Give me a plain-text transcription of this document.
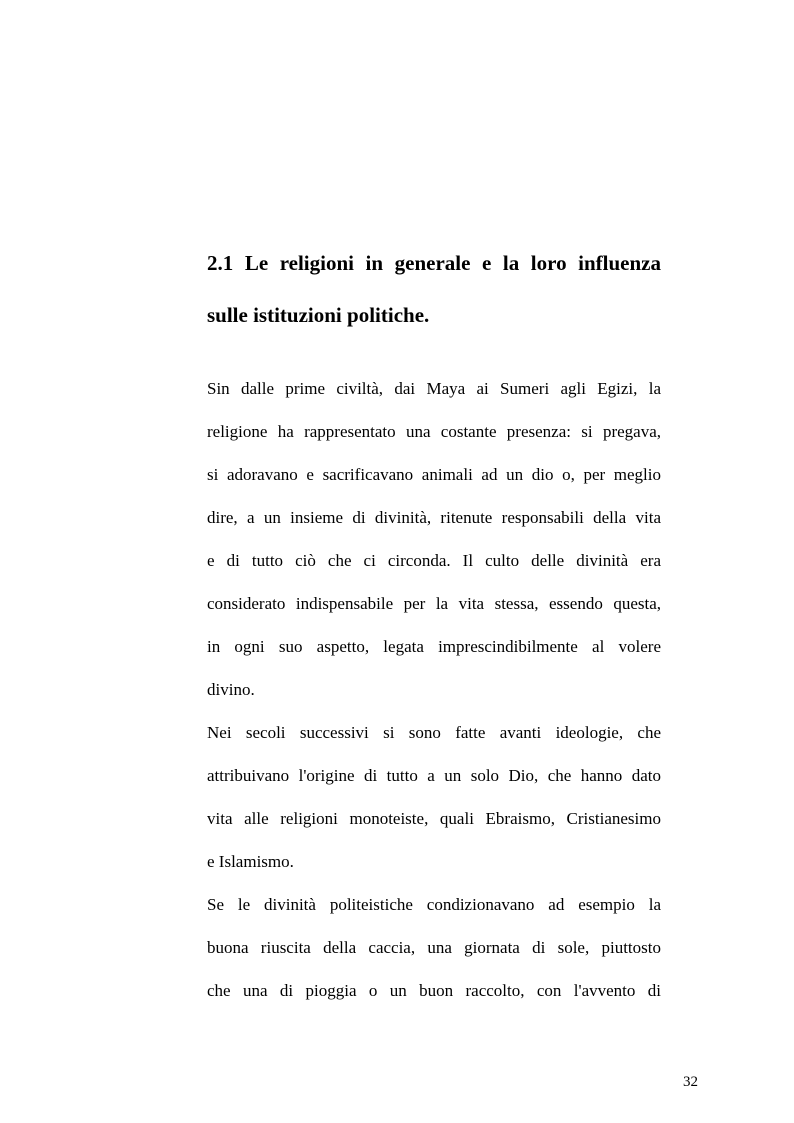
2.1 Le religioni in generale e la loro influenza
sulle istituzioni politiche.
Sin dalle prime civiltà, dai Maya ai Sumeri agli Egizi, la
religione ha rappresentato una costante presenza: si pregava,
si adoravano e sacrificavano animali ad un dio o, per meglio
dire, a un insieme di divinità, ritenute responsabili della vita
e di tutto ciò che ci circonda. Il culto delle divinità era
considerato indispensabile per la vita stessa, essendo questa,
in ogni suo aspetto, legata imprescindibilmente al volere
divino.
Nei secoli successivi si sono fatte avanti ideologie, che
attribuivano l'origine di tutto a un solo Dio, che hanno dato
vita alle religioni monoteiste, quali Ebraismo, Cristianesimo
e Islamismo.
Se le divinità politeistiche condizionavano ad esempio la
buona riuscita della caccia, una giornata di sole, piuttosto
che una di pioggia o un buon raccolto, con l'avvento di
32
